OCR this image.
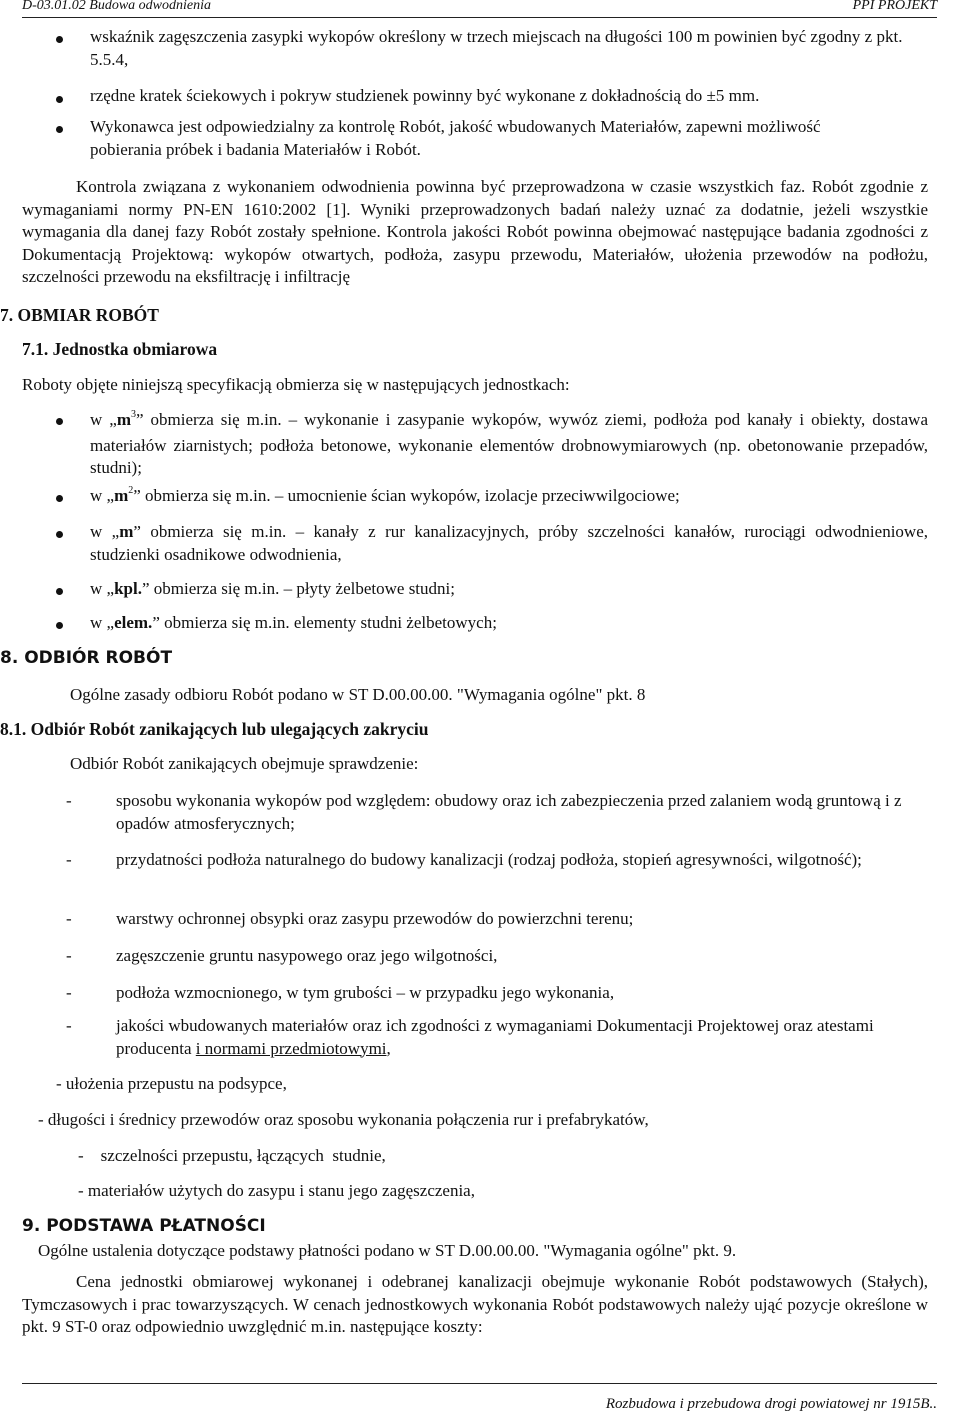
D-03.01.02 Budowa odwodnienia	PPI PROJEKT
wskaźnik zagęszczenia zasypki wykopów określony w trzech miejscach na długości 100 m powinien być zgodny z pkt. 5.5.4,
rzędne kratek ściekowych i pokryw studzienek powinny być wykonane z dokładnością do ±5 mm.
Wykonawca jest odpowiedzialny za kontrolę Robót, jakość wbudowanych Materiałów, zapewni możliwość pobierania próbek i badania Materiałów i Robót.
Kontrola związana z wykonaniem odwodnienia powinna być przeprowadzona w czasie wszystkich faz. Robót zgodnie z wymaganiami normy PN-EN 1610:2002 [1]. Wyniki przeprowadzonych badań należy uznać za dodatnie, jeżeli wszystkie wymagania dla danej fazy Robót zostały spełnione. Kontrola jakości Robót powinna obejmować następujące badania zgodności z Dokumentacją Projektową: wykopów otwartych, podłoża, zasypu przewodu, Materiałów, ułożenia przewodów na podłożu, szczelności przewodu na eksfiltrację i infiltrację
7. OBMIAR ROBÓT
7.1. Jednostka obmiarowa
Roboty objęte niniejszą specyfikacją obmierza się w następujących jednostkach:
w $„m^3$” obmierza się m.in. – wykonanie i zasypanie wykopów, wywóz ziemi, podłoża pod kanały i obiekty, dostawa materiałów ziarnistych; podłoża betonowe, wykonanie elementów drobnowymiarowych (np. obetonowanie przepadów, studni);
w $„m^2$” obmierza się m.in. – umocnienie ścian wykopów, izolacje przeciwwilgociowe;
w „m” obmierza się m.in. – kanały z rur kanalizacyjnych, próby szczelności kanałów, rurociągi odwodnieniowe, studzienki osadnikowe odwodnienia,
w „kpl.” obmierza się m.in. – płyty żelbetowe studni;
w „elem.” obmierza się m.in. elementy studni żelbetowych;
8. ODBIÓR ROBÓT
Ogólne zasady odbioru Robót podano w ST D.00.00.00. "Wymagania ogólne" pkt. 8
8.1. Odbiór Robót zanikających lub ulegających zakryciu
Odbiór Robót zanikających obejmuje sprawdzenie:
-	sposobu wykonania wykopów pod względem: obudowy oraz ich zabezpieczenia przed zalaniem wodą gruntową i z opadów atmosferycznych;
-	przydatności podłoża naturalnego do budowy kanalizacji (rodzaj podłoża, stopień agresywności, wilgotność);
-	warstwy ochronnej obsypki oraz zasypu przewodów do powierzchni terenu;
-	zagęszczenie gruntu nasypowego oraz jego wilgotności,
-	podłoża wzmocnionego, w tym grubości – w przypadku jego wykonania,
-	jakości wbudowanych materiałów oraz ich zgodności z wymaganiami Dokumentacji Projektowej oraz atestami producenta i normami przedmiotowymi,
- ułożenia przepustu na podsypce,
- długości i średnicy przewodów oraz sposobu wykonania połączenia rur i prefabrykatów,
-    szczelności przepustu, łączących  studnie,
- materiałów użytych do zasypu i stanu jego zagęszczenia,
9. PODSTAWA PŁATNOŚCI
Ogólne ustalenia dotyczące podstawy płatności podano w ST D.00.00.00. "Wymagania ogólne" pkt. 9.
Cena jednostki obmiarowej wykonanej i odebranej kanalizacji obejmuje wykonanie Robót podstawowych (Stałych), Tymczasowych i prac towarzyszących. W cenach jednostkowych wykonania Robót podstawowych należy ująć pozycje określone w pkt. 9 ST-0 oraz odpowiednio uwzględnić m.in. następujące koszty:
Rozbudowa i przebudowa drogi powiatowej nr 1915B..
